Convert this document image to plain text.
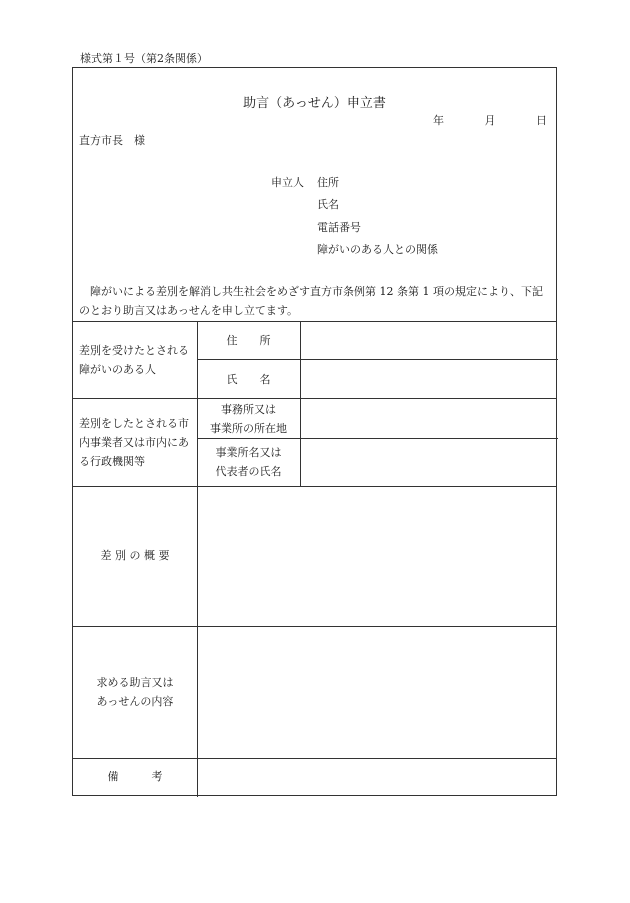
様式第１号（第2条関係）
助言（あっせん）申立書
年	月	日
直方市長　様
申立人 住所
氏名
電話番号
障がいのある人との関係

障がいによる差別を解消し共生社会をめざす直方市条例第 12 条第 1 項の規定により、下記のとおり助言又はあっせんを申し立てます。

差別を受けたとされる障がいのある人
住　　所
氏　　名
差別をしたとされる市内事業者又は市内にある行政機関等
事務所又は
事業所の所在地
事業所名又は
代表者の氏名
差 別 の 概 要
求める助言又は
あっせんの内容
備　　　考
